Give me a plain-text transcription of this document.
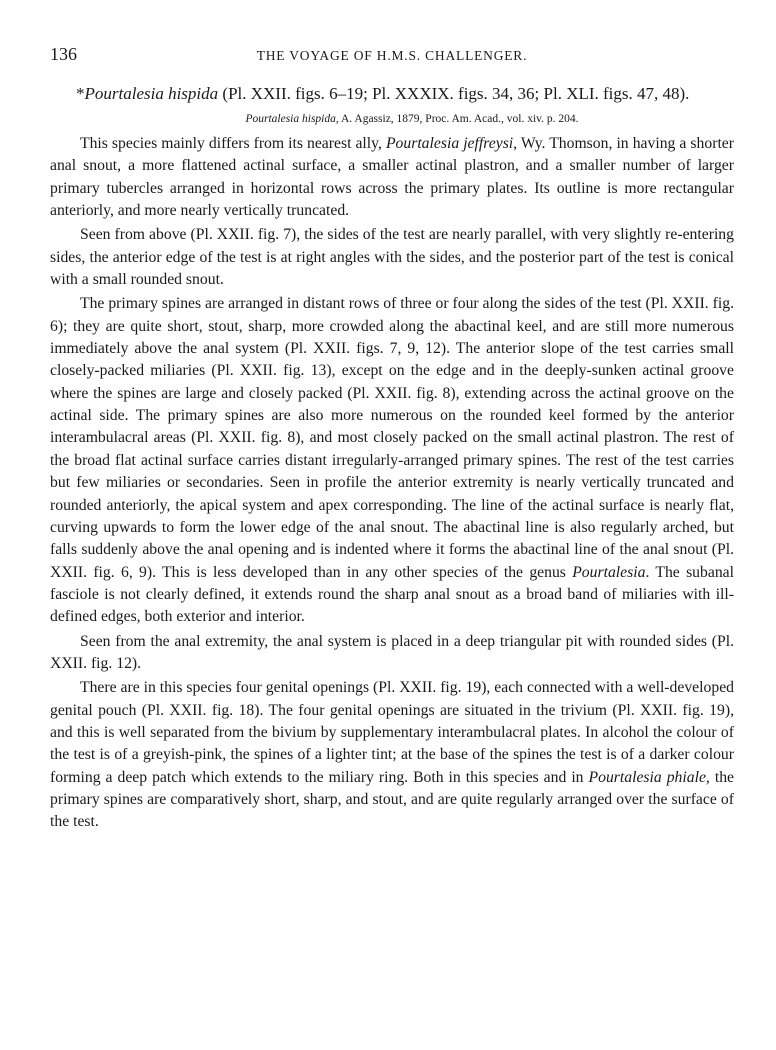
136	THE VOYAGE OF H.M.S. CHALLENGER.
*Pourtalesia hispida (Pl. XXII. figs. 6–19; Pl. XXXIX. figs. 34, 36; Pl. XLI. figs. 47, 48).
Pourtalesia hispida, A. Agassiz, 1879, Proc. Am. Acad., vol. xiv. p. 204.

This species mainly differs from its nearest ally, Pourtalesia jeffreysi, Wy. Thomson, in having a shorter anal snout, a more flattened actinal surface, a smaller actinal plastron, and a smaller number of larger primary tubercles arranged in horizontal rows across the primary plates. Its outline is more rectangular anteriorly, and more nearly vertically truncated.

Seen from above (Pl. XXII. fig. 7), the sides of the test are nearly parallel, with very slightly re-entering sides, the anterior edge of the test is at right angles with the sides, and the posterior part of the test is conical with a small rounded snout.

The primary spines are arranged in distant rows of three or four along the sides of the test (Pl. XXII. fig. 6); they are quite short, stout, sharp, more crowded along the abactinal keel, and are still more numerous immediately above the anal system (Pl. XXII. figs. 7, 9, 12). The anterior slope of the test carries small closely-packed miliaries (Pl. XXII. fig. 13), except on the edge and in the deeply-sunken actinal groove where the spines are large and closely packed (Pl. XXII. fig. 8), extending across the actinal groove on the actinal side. The primary spines are also more numerous on the rounded keel formed by the anterior interambulacral areas (Pl. XXII. fig. 8), and most closely packed on the small actinal plastron. The rest of the broad flat actinal surface carries distant irregularly-arranged primary spines. The rest of the test carries but few miliaries or secondaries. Seen in profile the anterior extremity is nearly vertically truncated and rounded anteriorly, the apical system and apex corresponding. The line of the actinal surface is nearly flat, curving upwards to form the lower edge of the anal snout. The abactinal line is also regularly arched, but falls suddenly above the anal opening and is indented where it forms the abactinal line of the anal snout (Pl. XXII. fig. 6, 9). This is less developed than in any other species of the genus Pourtalesia. The subanal fasciole is not clearly defined, it extends round the sharp anal snout as a broad band of miliaries with ill-defined edges, both exterior and interior.

Seen from the anal extremity, the anal system is placed in a deep triangular pit with rounded sides (Pl. XXII. fig. 12).

There are in this species four genital openings (Pl. XXII. fig. 19), each connected with a well-developed genital pouch (Pl. XXII. fig. 18). The four genital openings are situated in the trivium (Pl. XXII. fig. 19), and this is well separated from the bivium by supplementary interambulacral plates. In alcohol the colour of the test is of a greyish-pink, the spines of a lighter tint; at the base of the spines the test is of a darker colour forming a deep patch which extends to the miliary ring. Both in this species and in Pourtalesia phiale, the primary spines are comparatively short, sharp, and stout, and are quite regularly arranged over the surface of the test.
